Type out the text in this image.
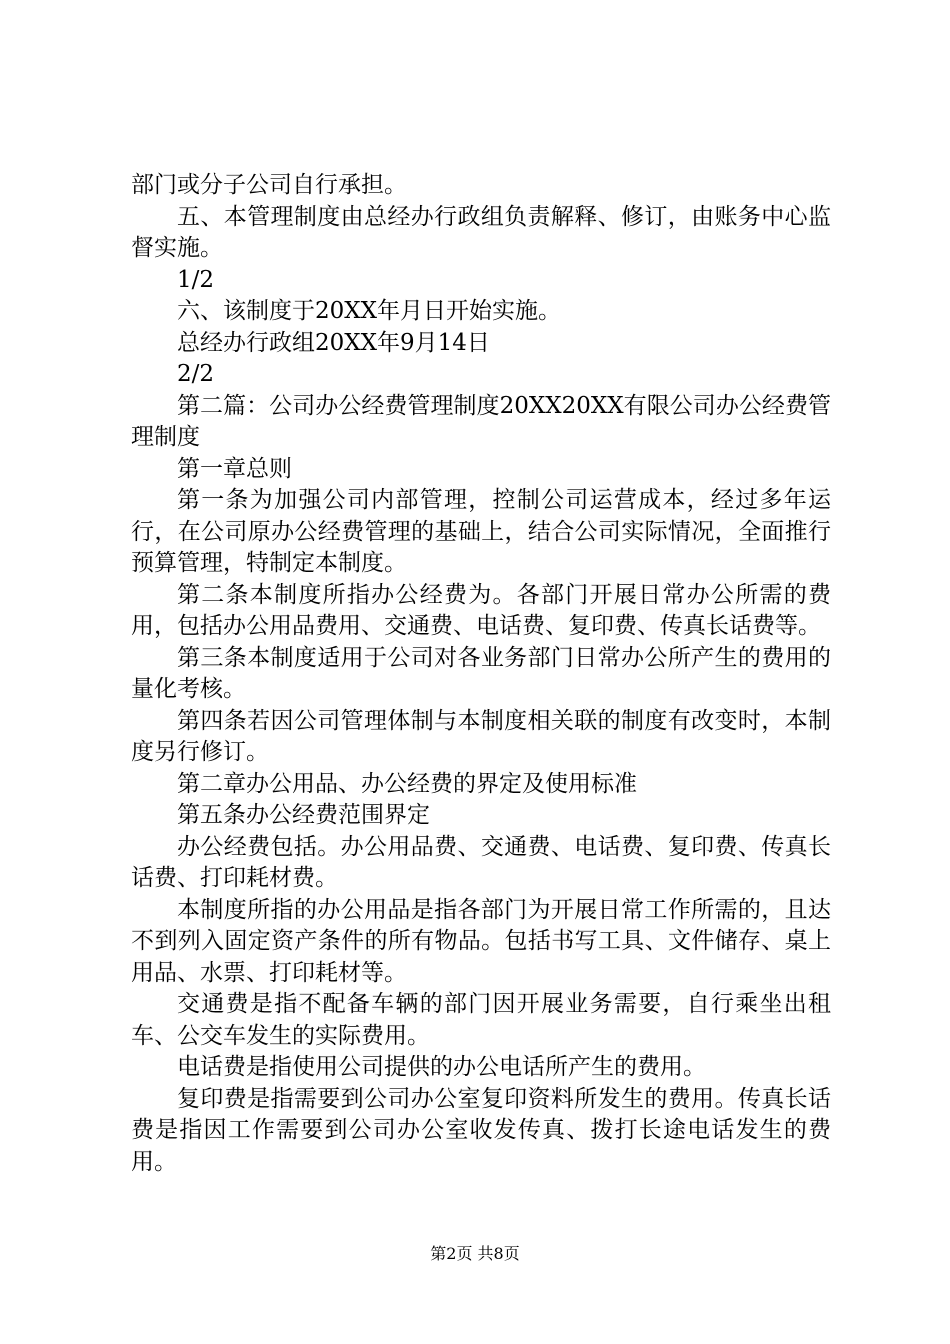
部门或分子公司自行承担。

五、本管理制度由总经办行政组负责解释、修订，由账务中心监督实施。

1/2

六、该制度于20XX年月日开始实施。

总经办行政组20XX年9月14日

2/2

第二篇：公司办公经费管理制度20XX20XX有限公司办公经费管理制度

第一章总则

第一条为加强公司内部管理，控制公司运营成本，经过多年运行，在公司原办公经费管理的基础上，结合公司实际情况，全面推行预算管理，特制定本制度。

第二条本制度所指办公经费为。各部门开展日常办公所需的费用，包括办公用品费用、交通费、电话费、复印费、传真长话费等。

第三条本制度适用于公司对各业务部门日常办公所产生的费用的量化考核。

第四条若因公司管理体制与本制度相关联的制度有改变时，本制度另行修订。

第二章办公用品、办公经费的界定及使用标准

第五条办公经费范围界定

办公经费包括。办公用品费、交通费、电话费、复印费、传真长话费、打印耗材费。

本制度所指的办公用品是指各部门为开展日常工作所需的，且达不到列入固定资产条件的所有物品。包括书写工具、文件储存、桌上用品、水票、打印耗材等。

交通费是指不配备车辆的部门因开展业务需要，自行乘坐出租车、公交车发生的实际费用。

电话费是指使用公司提供的办公电话所产生的费用。

复印费是指需要到公司办公室复印资料所发生的费用。传真长话费是指因工作需要到公司办公室收发传真、拨打长途电话发生的费用。

第2页 共8页
